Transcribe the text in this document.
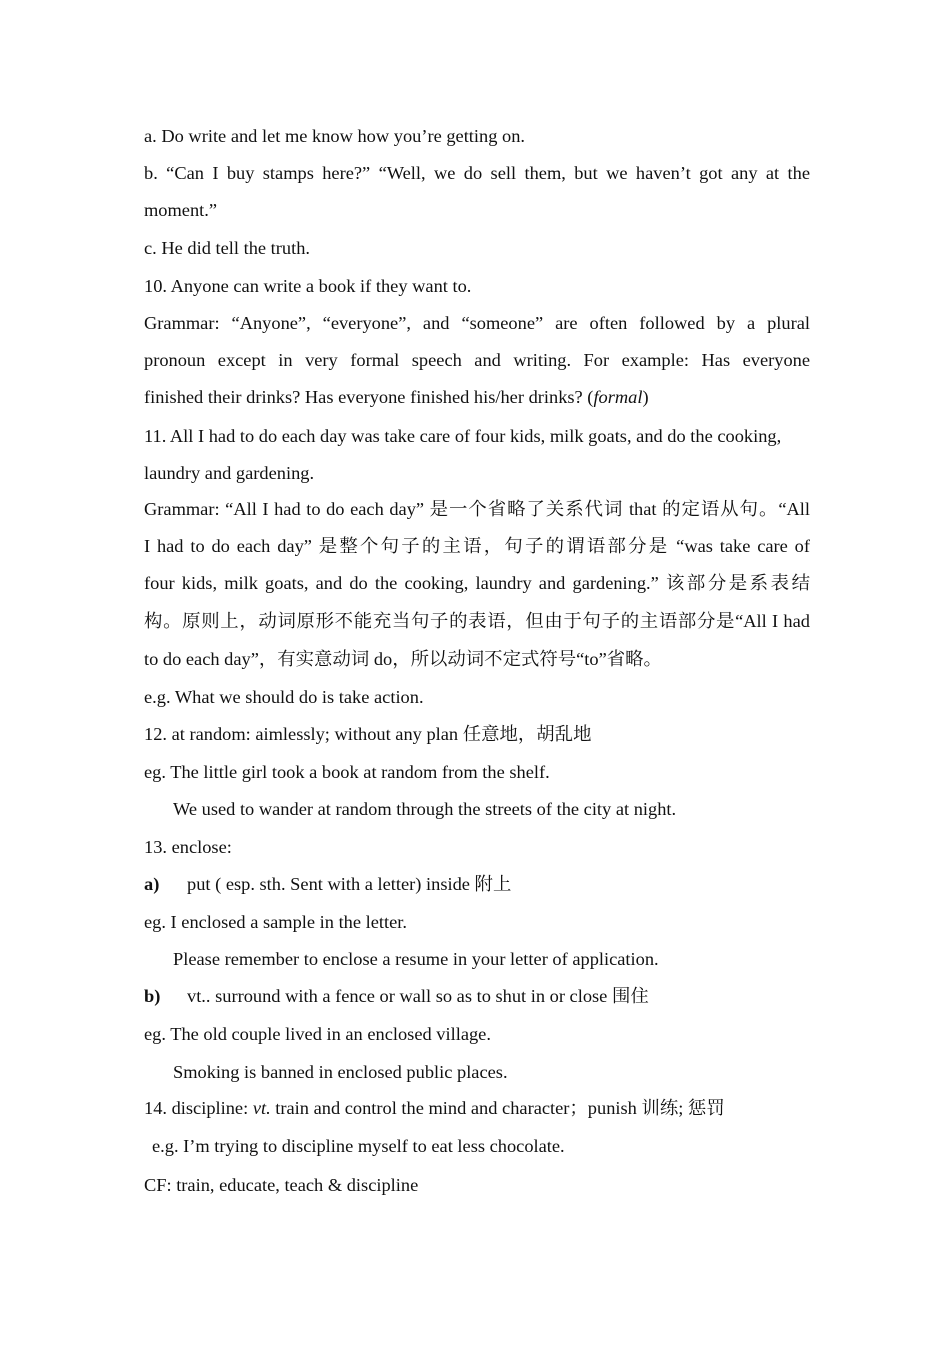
a. Do write and let me know how you’re getting on.
b. “Can I buy stamps here?” “Well, we do sell them, but we haven’t got any at the
moment.”
c. He did tell the truth.
10. Anyone can write a book if they want to.
Grammar: “Anyone”, “everyone”, and “someone” are often followed by a plural
pronoun except in very formal speech and writing. For example: Has everyone
finished their drinks? Has everyone finished his/her drinks? (formal)
11. All I had to do each day was take care of four kids, milk goats, and do the cooking,
laundry and gardening.
Grammar: “All I had to do each day” 是一个省略了关系代词 that 的定语从句。“All
I had to do each day” 是整个句子的主语，句子的谓语部分是 “was take care of
four kids, milk goats, and do the cooking, laundry and gardening.” 该部分是系表结
构。原则上，动词原形不能充当句子的表语，但由于句子的主语部分是“All I had
to do each day”，有实意动词 do，所以动词不定式符号“to”省略。
e.g. What we should do is take action.
12. at random: aimlessly; without any plan 任意地，胡乱地
eg. The little girl took a book at random from the shelf.
We used to wander at random through the streets of the city at night.
13. enclose:
a) put ( esp. sth. Sent with a letter) inside 附上
eg. I enclosed a sample in the letter.
Please remember to enclose a resume in your letter of application.
b) vt.. surround with a fence or wall so as to shut in or close 围住
eg. The old couple lived in an enclosed village.
Smoking is banned in enclosed public places.
14. discipline: vt. train and control the mind and character；punish 训练; 惩罚
e.g. I’m trying to discipline myself to eat less chocolate.
CF: train, educate, teach & discipline
